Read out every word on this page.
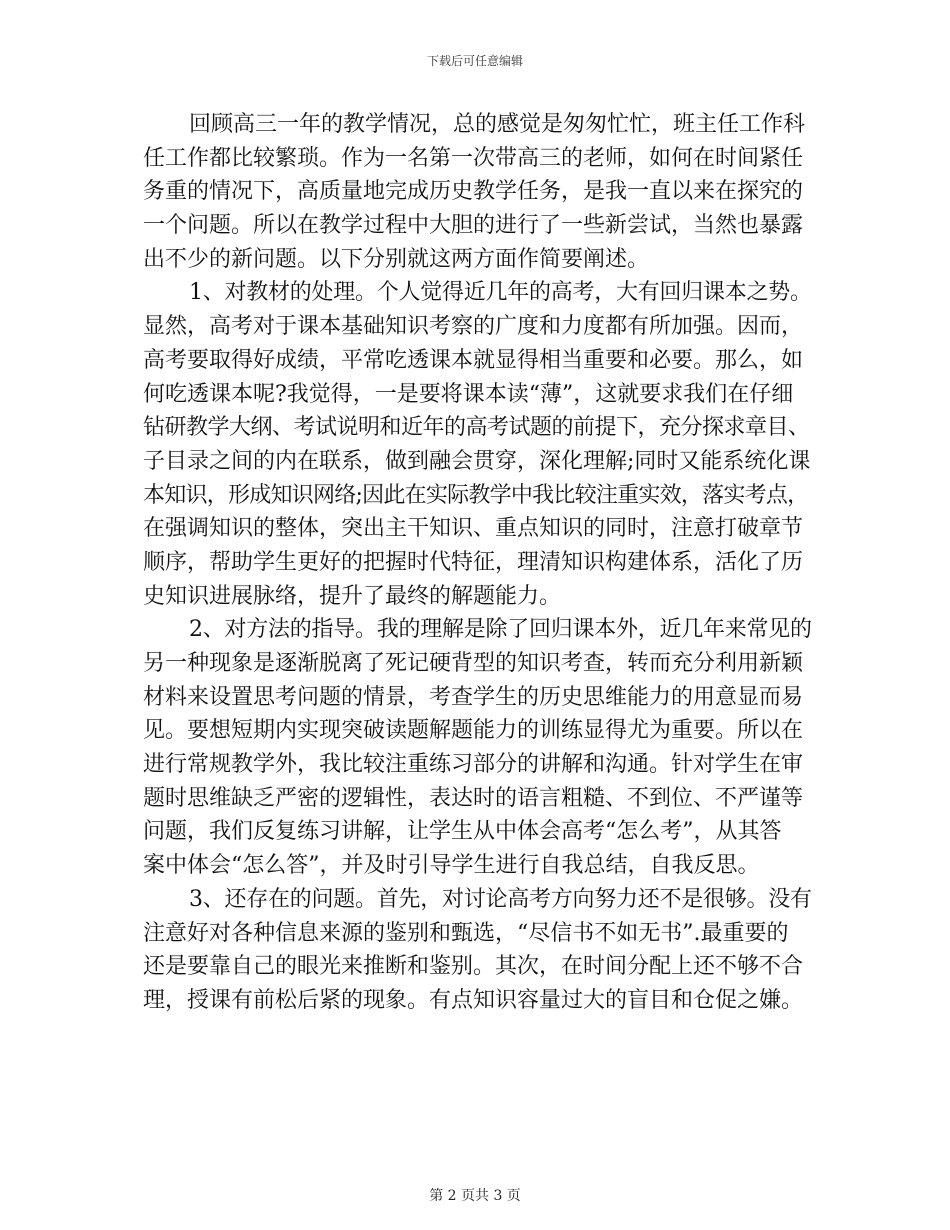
下载后可任意编辑
回顾高三一年的教学情况，总的感觉是匆匆忙忙，班主任工作科
任工作都比较繁琐。作为一名第一次带高三的老师，如何在时间紧任
务重的情况下，高质量地完成历史教学任务，是我一直以来在探究的
一个问题。所以在教学过程中大胆的进行了一些新尝试，当然也暴露
出不少的新问题。以下分别就这两方面作简要阐述。
1、对教材的处理。个人觉得近几年的高考，大有回归课本之势。
显然，高考对于课本基础知识考察的广度和力度都有所加强。因而，
高考要取得好成绩，平常吃透课本就显得相当重要和必要。那么，如
何吃透课本呢?我觉得，一是要将课本读“薄”，这就要求我们在仔细
钻研教学大纲、考试说明和近年的高考试题的前提下，充分探求章目、
子目录之间的内在联系，做到融会贯穿，深化理解;同时又能系统化课
本知识，形成知识网络;因此在实际教学中我比较注重实效，落实考点，
在强调知识的整体，突出主干知识、重点知识的同时，注意打破章节
顺序，帮助学生更好的把握时代特征，理清知识构建体系，活化了历
史知识进展脉络，提升了最终的解题能力。
2、对方法的指导。我的理解是除了回归课本外，近几年来常见的
另一种现象是逐渐脱离了死记硬背型的知识考查，转而充分利用新颖
材料来设置思考问题的情景，考查学生的历史思维能力的用意显而易
见。要想短期内实现突破读题解题能力的训练显得尤为重要。所以在
进行常规教学外，我比较注重练习部分的讲解和沟通。针对学生在审
题时思维缺乏严密的逻辑性，表达时的语言粗糙、不到位、不严谨等
问题，我们反复练习讲解，让学生从中体会高考“怎么考”，从其答
案中体会“怎么答”，并及时引导学生进行自我总结，自我反思。
3、还存在的问题。首先，对讨论高考方向努力还不是很够。没有
注意好对各种信息来源的鉴别和甄选，“尽信书不如无书”.最重要的
还是要靠自己的眼光来推断和鉴别。其次，在时间分配上还不够不合
理，授课有前松后紧的现象。有点知识容量过大的盲目和仓促之嫌。
第 2 页共 3 页
